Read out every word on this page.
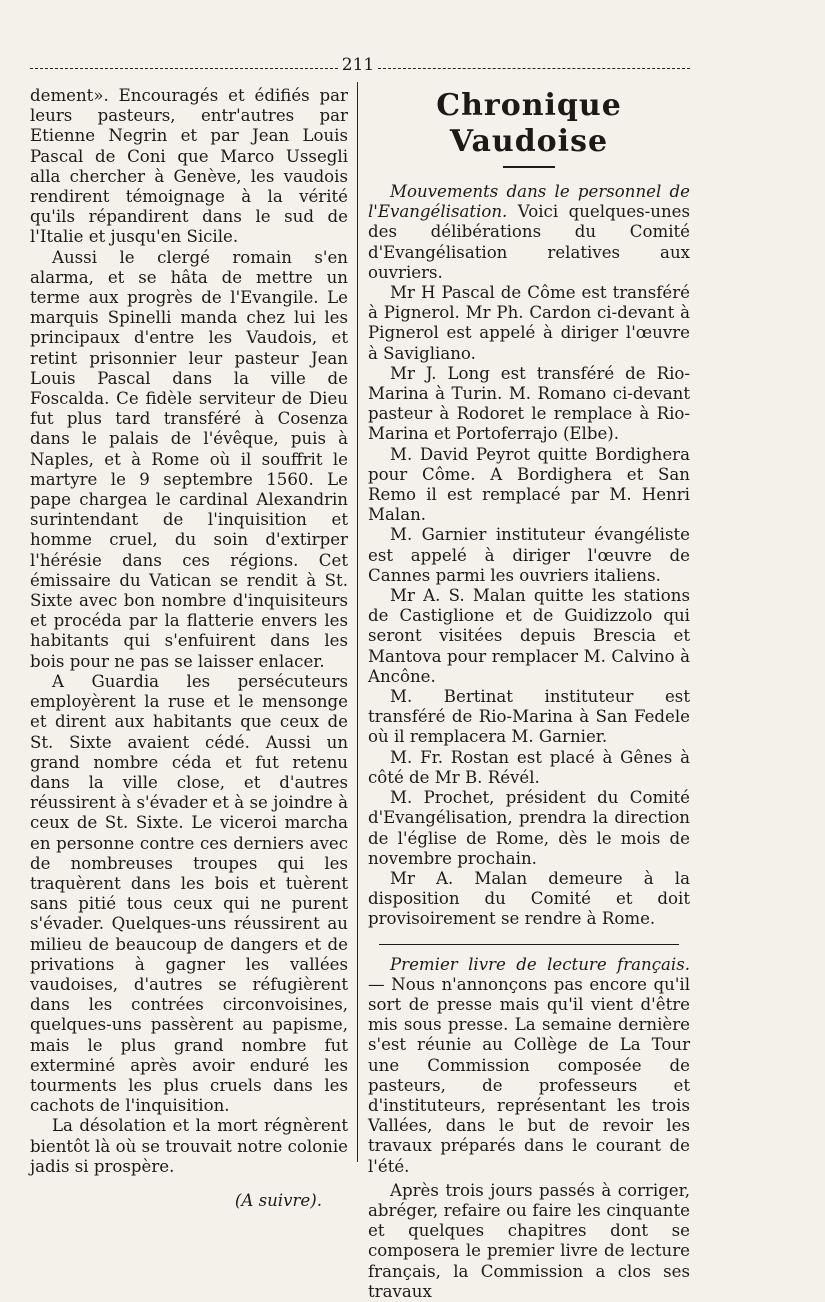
211

dement». Encouragés et édifiés par leurs pasteurs, entr'autres par Etienne Negrin et par Jean Louis Pascal de Coni que Marco Ussegli alla chercher à Genève, les vaudois rendirent témoignage à la vérité qu'ils répandirent dans le sud de l'Italie et jusqu'en Sicile.

Aussi le clergé romain s'en alarma, et se hâta de mettre un terme aux progrès de l'Evangile. Le marquis Spinelli manda chez lui les principaux d'entre les Vaudois, et retint prisonnier leur pasteur Jean Louis Pascal dans la ville de Foscalda. Ce fidèle serviteur de Dieu fut plus tard transféré à Cosenza dans le palais de l'évêque, puis à Naples, et à Rome où il souffrit le martyre le 9 septembre 1560. Le pape chargea le cardinal Alexandrin surintendant de l'inquisition et homme cruel, du soin d'extirper l'hérésie dans ces régions. Cet émissaire du Vatican se rendit à St. Sixte avec bon nombre d'inquisiteurs et procéda par la flatterie envers les habitants qui s'enfuirent dans les bois pour ne pas se laisser enlacer.

A Guardia les persécuteurs employèrent la ruse et le mensonge et dirent aux habitants que ceux de St. Sixte avaient cédé. Aussi un grand nombre céda et fut retenu dans la ville close, et d'autres réussirent à s'évader et à se joindre à ceux de St. Sixte. Le viceroi marcha en personne contre ces derniers avec de nombreuses troupes qui les traquèrent dans les bois et tuèrent sans pitié tous ceux qui ne purent s'évader. Quelques-uns réussirent au milieu de beaucoup de dangers et de privations à gagner les vallées vaudoises, d'autres se réfugièrent dans les contrées circonvoisines, quelques-uns passèrent au papisme, mais le plus grand nombre fut exterminé après avoir enduré les tourments les plus cruels dans les cachots de l'inquisition.

La désolation et la mort régnèrent bientôt là où se trouvait notre colonie jadis si prospère.

(A suivre).

Chronique Vaudoise

Mouvements dans le personnel de l'Evangélisation. Voici quelques-unes des délibérations du Comité d'Evangélisation relatives aux ouvriers.

Mr H Pascal de Côme est transféré à Pignerol. Mr Ph. Cardon ci-devant à Pignerol est appelé à diriger l'œuvre à Savigliano.

Mr J. Long est transféré de Rio-Marina à Turin. M. Romano ci-devant pasteur à Rodoret le remplace à Rio-Marina et Portoferrajo (Elbe).

M. David Peyrot quitte Bordighera pour Côme. A Bordighera et San Remo il est remplacé par M. Henri Malan.

M. Garnier instituteur évangéliste est appelé à diriger l'œuvre de Cannes parmi les ouvriers italiens.

Mr A. S. Malan quitte les stations de Castiglione et de Guidizzolo qui seront visitées depuis Brescia et Mantova pour remplacer M. Calvino à Ancône.

M. Bertinat instituteur est transféré de Rio-Marina à San Fedele où il remplacera M. Garnier.

M. Fr. Rostan est placé à Gênes à côté de Mr B. Révél.

M. Prochet, président du Comité d'Evangélisation, prendra la direction de l'église de Rome, dès le mois de novembre prochain.

Mr A. Malan demeure à la disposition du Comité et doit provisoirement se rendre à Rome.

Premier livre de lecture français. — Nous n'annonçons pas encore qu'il sort de presse mais qu'il vient d'être mis sous presse. La semaine dernière s'est réunie au Collège de La Tour une Commission composée de pasteurs, de professeurs et d'instituteurs, représentant les trois Vallées, dans le but de revoir les travaux préparés dans le courant de l'été.

Après trois jours passés à corriger, abréger, refaire ou faire les cinquante et quelques chapitres dont se composera le premier livre de lecture français, la Commission a clos ses travaux
